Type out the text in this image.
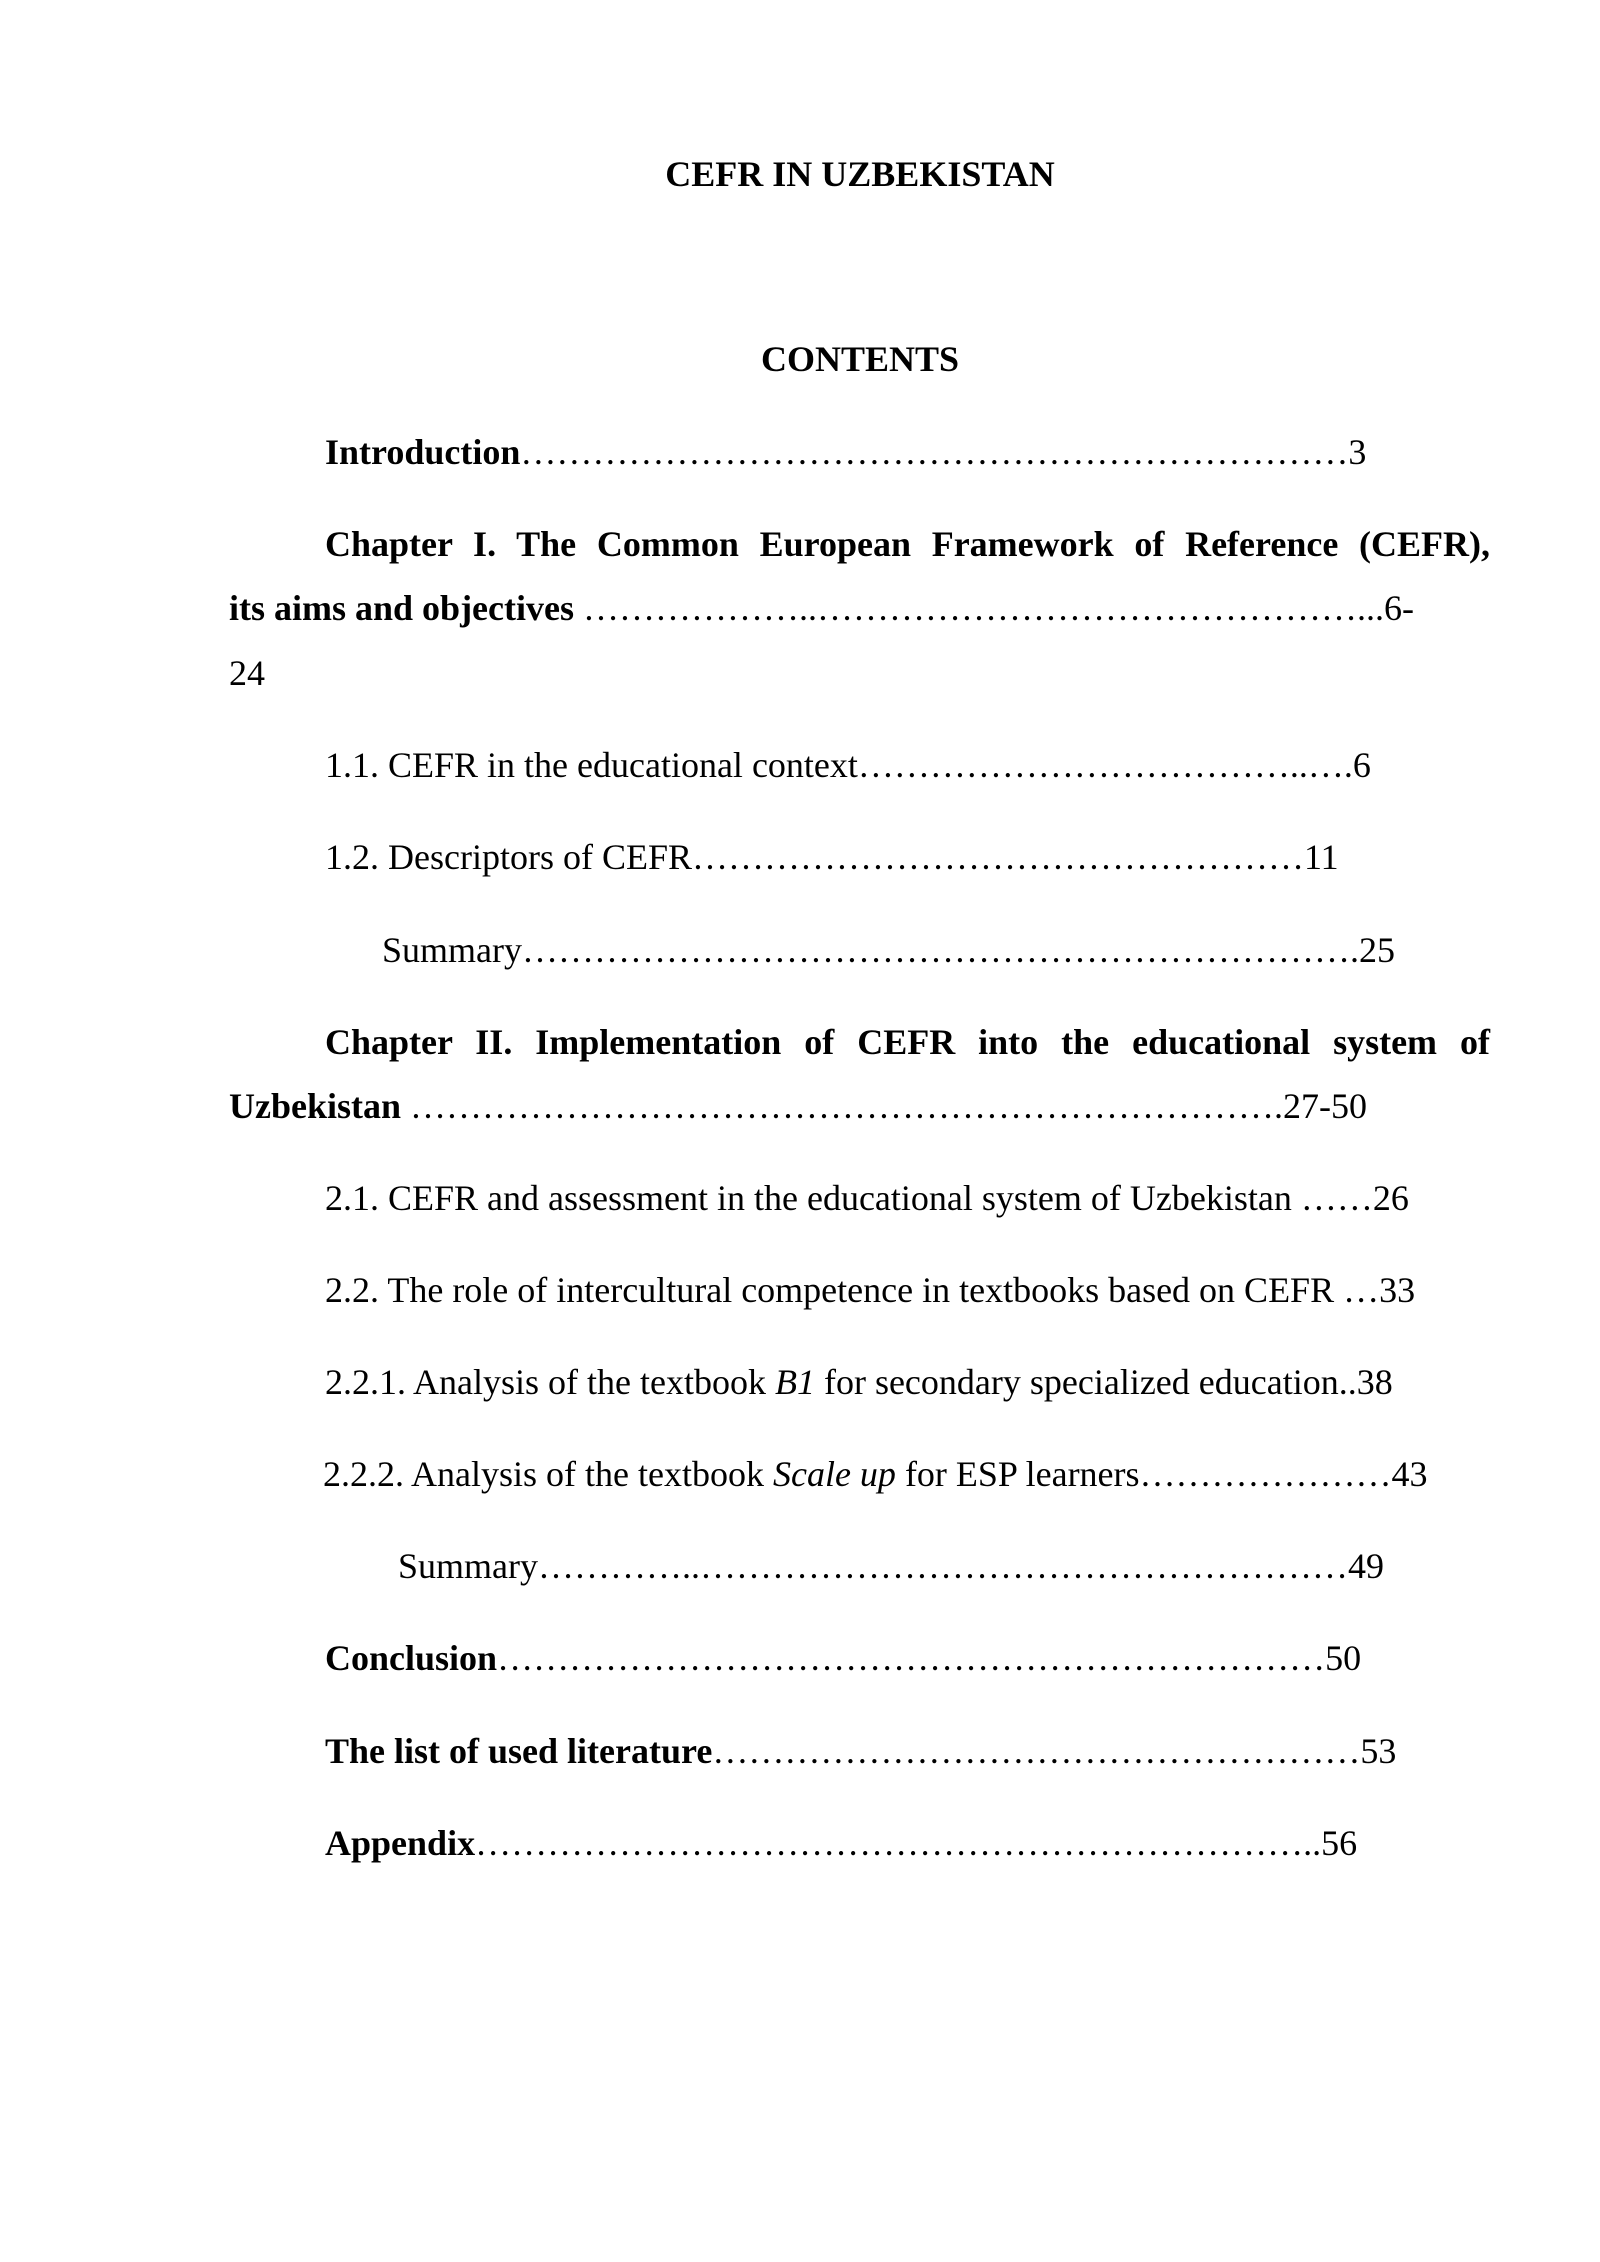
CEFR IN UZBEKISTAN
CONTENTS
Introduction……………………………………………………………3
Chapter I. The Common European Framework of Reference (CEFR),
its aims and objectives ………………..………………………………………...6-
24
1.1. CEFR in the educational context………………………………..….6
1.2. Descriptors of CEFR……………………………………………11
Summary…………………………………………………………….25
Chapter II. Implementation of CEFR into the educational system of
Uzbekistan ……………………………………………………………….27-50
2.1. CEFR and assessment in the educational system of Uzbekistan ……26
2.2. The role of intercultural competence in textbooks based on CEFR …33
2.2.1. Analysis of the textbook B1 for secondary specialized education..38
2.2.2. Analysis of the textbook Scale up for ESP learners…………………43
Summary…………..………………………………………………49
Conclusion……………………………………………………………50
The list of used literature………………………………………………53
Appendix……………………………………………………………..56
